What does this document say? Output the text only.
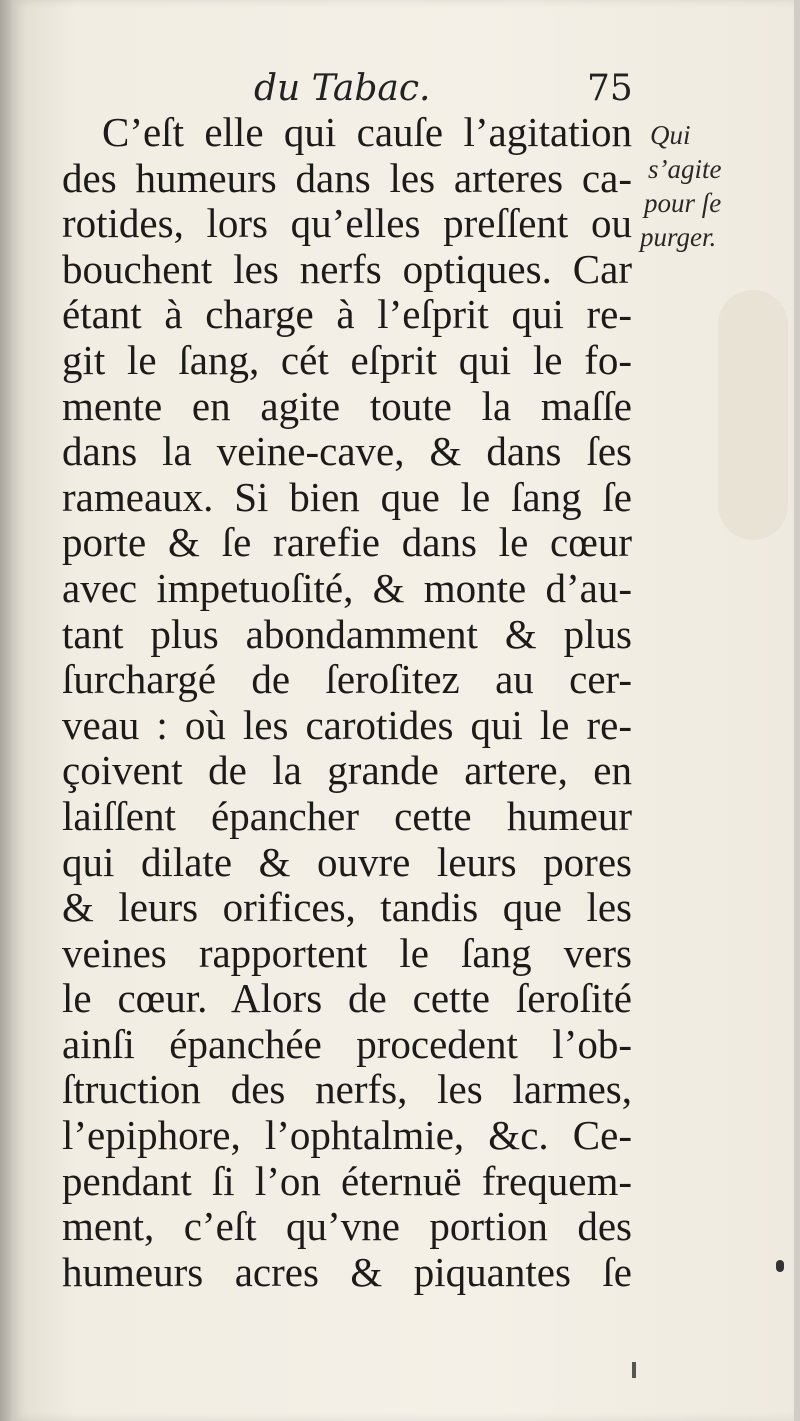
du Tabac.	75
C’eſt elle qui cauſe l’agitation
des humeurs dans les arteres ca-
rotides, lors qu’elles preſſent ou
bouchent les nerfs optiques. Car
étant à charge à l’eſprit qui re-
git le ſang, cét eſprit qui le fo-
mente en agite toute la maſſe
dans la veine-cave, & dans ſes
rameaux. Si bien que le ſang ſe
porte & ſe rarefie dans le cœur
avec impetuoſité, & monte d’au-
tant plus abondamment & plus
ſurchargé de ſeroſitez au cer-
veau : où les carotides qui le re-
çoivent de la grande artere, en
laiſſent épancher cette humeur
qui dilate & ouvre leurs pores
& leurs orifices, tandis que les
veines rapportent le ſang vers
le cœur. Alors de cette ſeroſité
ainſi épanchée procedent l’ob-
ſtruction des nerfs, les larmes,
l’epiphore, l’ophtalmie, &c. Ce-
pendant ſi l’on éternuë frequem-
ment, c’eſt qu’vne portion des
humeurs acres & piquantes ſe
Qui
s’agite
pour ſe
purger.
